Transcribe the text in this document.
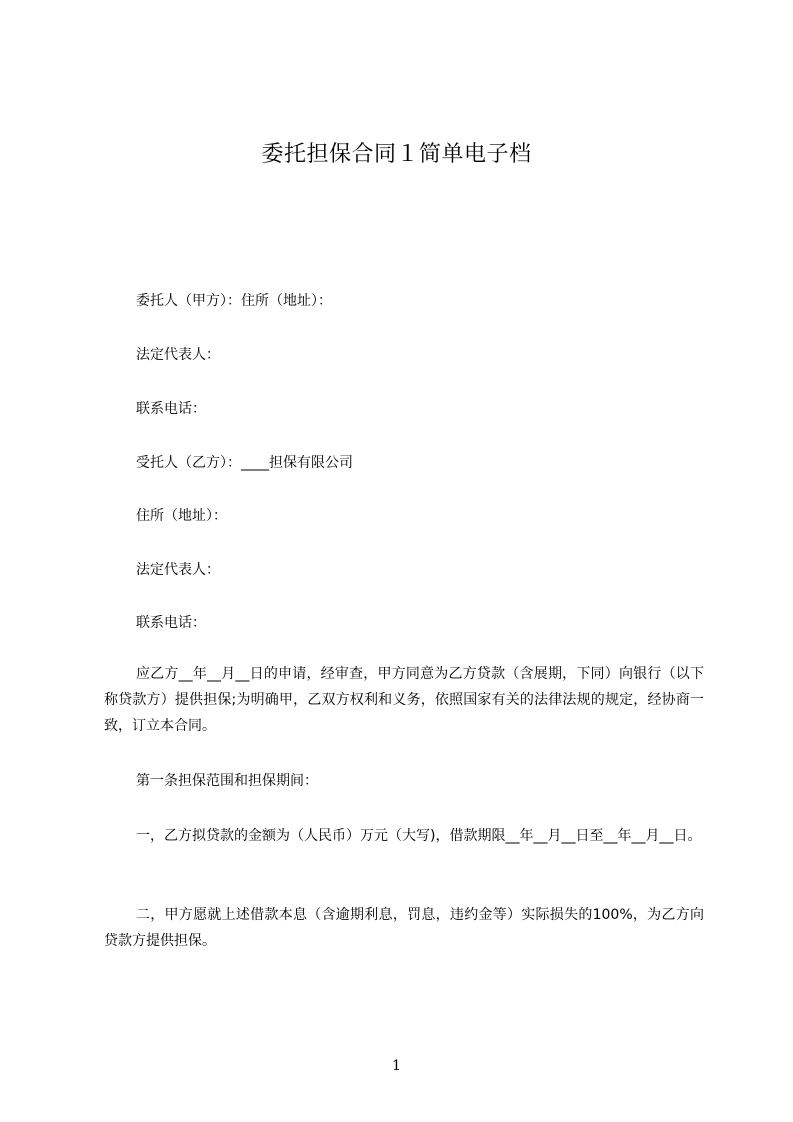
委托担保合同１简单电子档
委托人（甲方）：住所（地址）：
法定代表人：
联系电话：
受托人（乙方）：____担保有限公司
住所（地址）：
法定代表人：
联系电话：
应乙方__年__月__日的申请，经审查，甲方同意为乙方贷款（含展期，下同）向银行（以下称贷款方）提供担保;为明确甲，乙双方权利和义务，依照国家有关的法律法规的规定，经协商一致，订立本合同。
第一条担保范围和担保期间：
一，乙方拟贷款的金额为（人民币）万元（大写)，借款期限__年__月__日至__年__月__日。
二，甲方愿就上述借款本息（含逾期利息，罚息，违约金等）实际损失的100%，为乙方向贷款方提供担保。
1
